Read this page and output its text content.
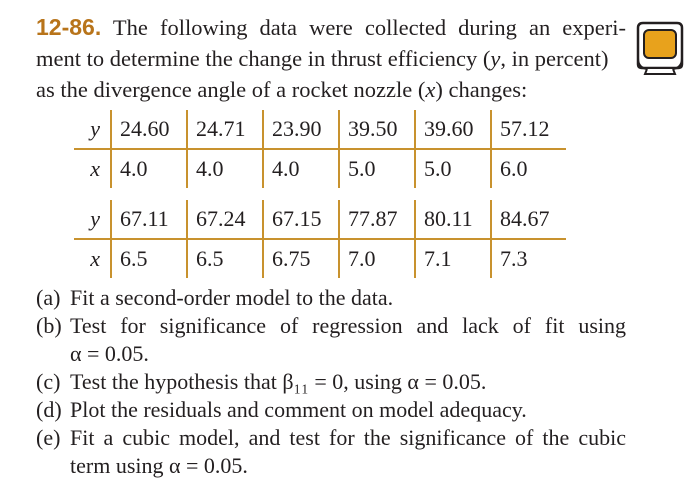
12-86. The following data were collected during an experi-
ment to determine the change in thrust efficiency (y, in percent)
as the divergence angle of a rocket nozzle (x) changes:
y	24.60	24.71	23.90	39.50	39.60	57.12
x	4.0	4.0	4.0	5.0	5.0	6.0
y	67.11	67.24	67.15	77.87	80.11	84.67
x	6.5	6.5	6.75	7.0	7.1	7.3
(a) Fit a second-order model to the data.
(b) Test for significance of regression and lack of fit using
α = 0.05.
(c) Test the hypothesis that β₁₁ = 0, using α = 0.05.
(d) Plot the residuals and comment on model adequacy.
(e) Fit a cubic model, and test for the significance of the cubic
term using α = 0.05.
